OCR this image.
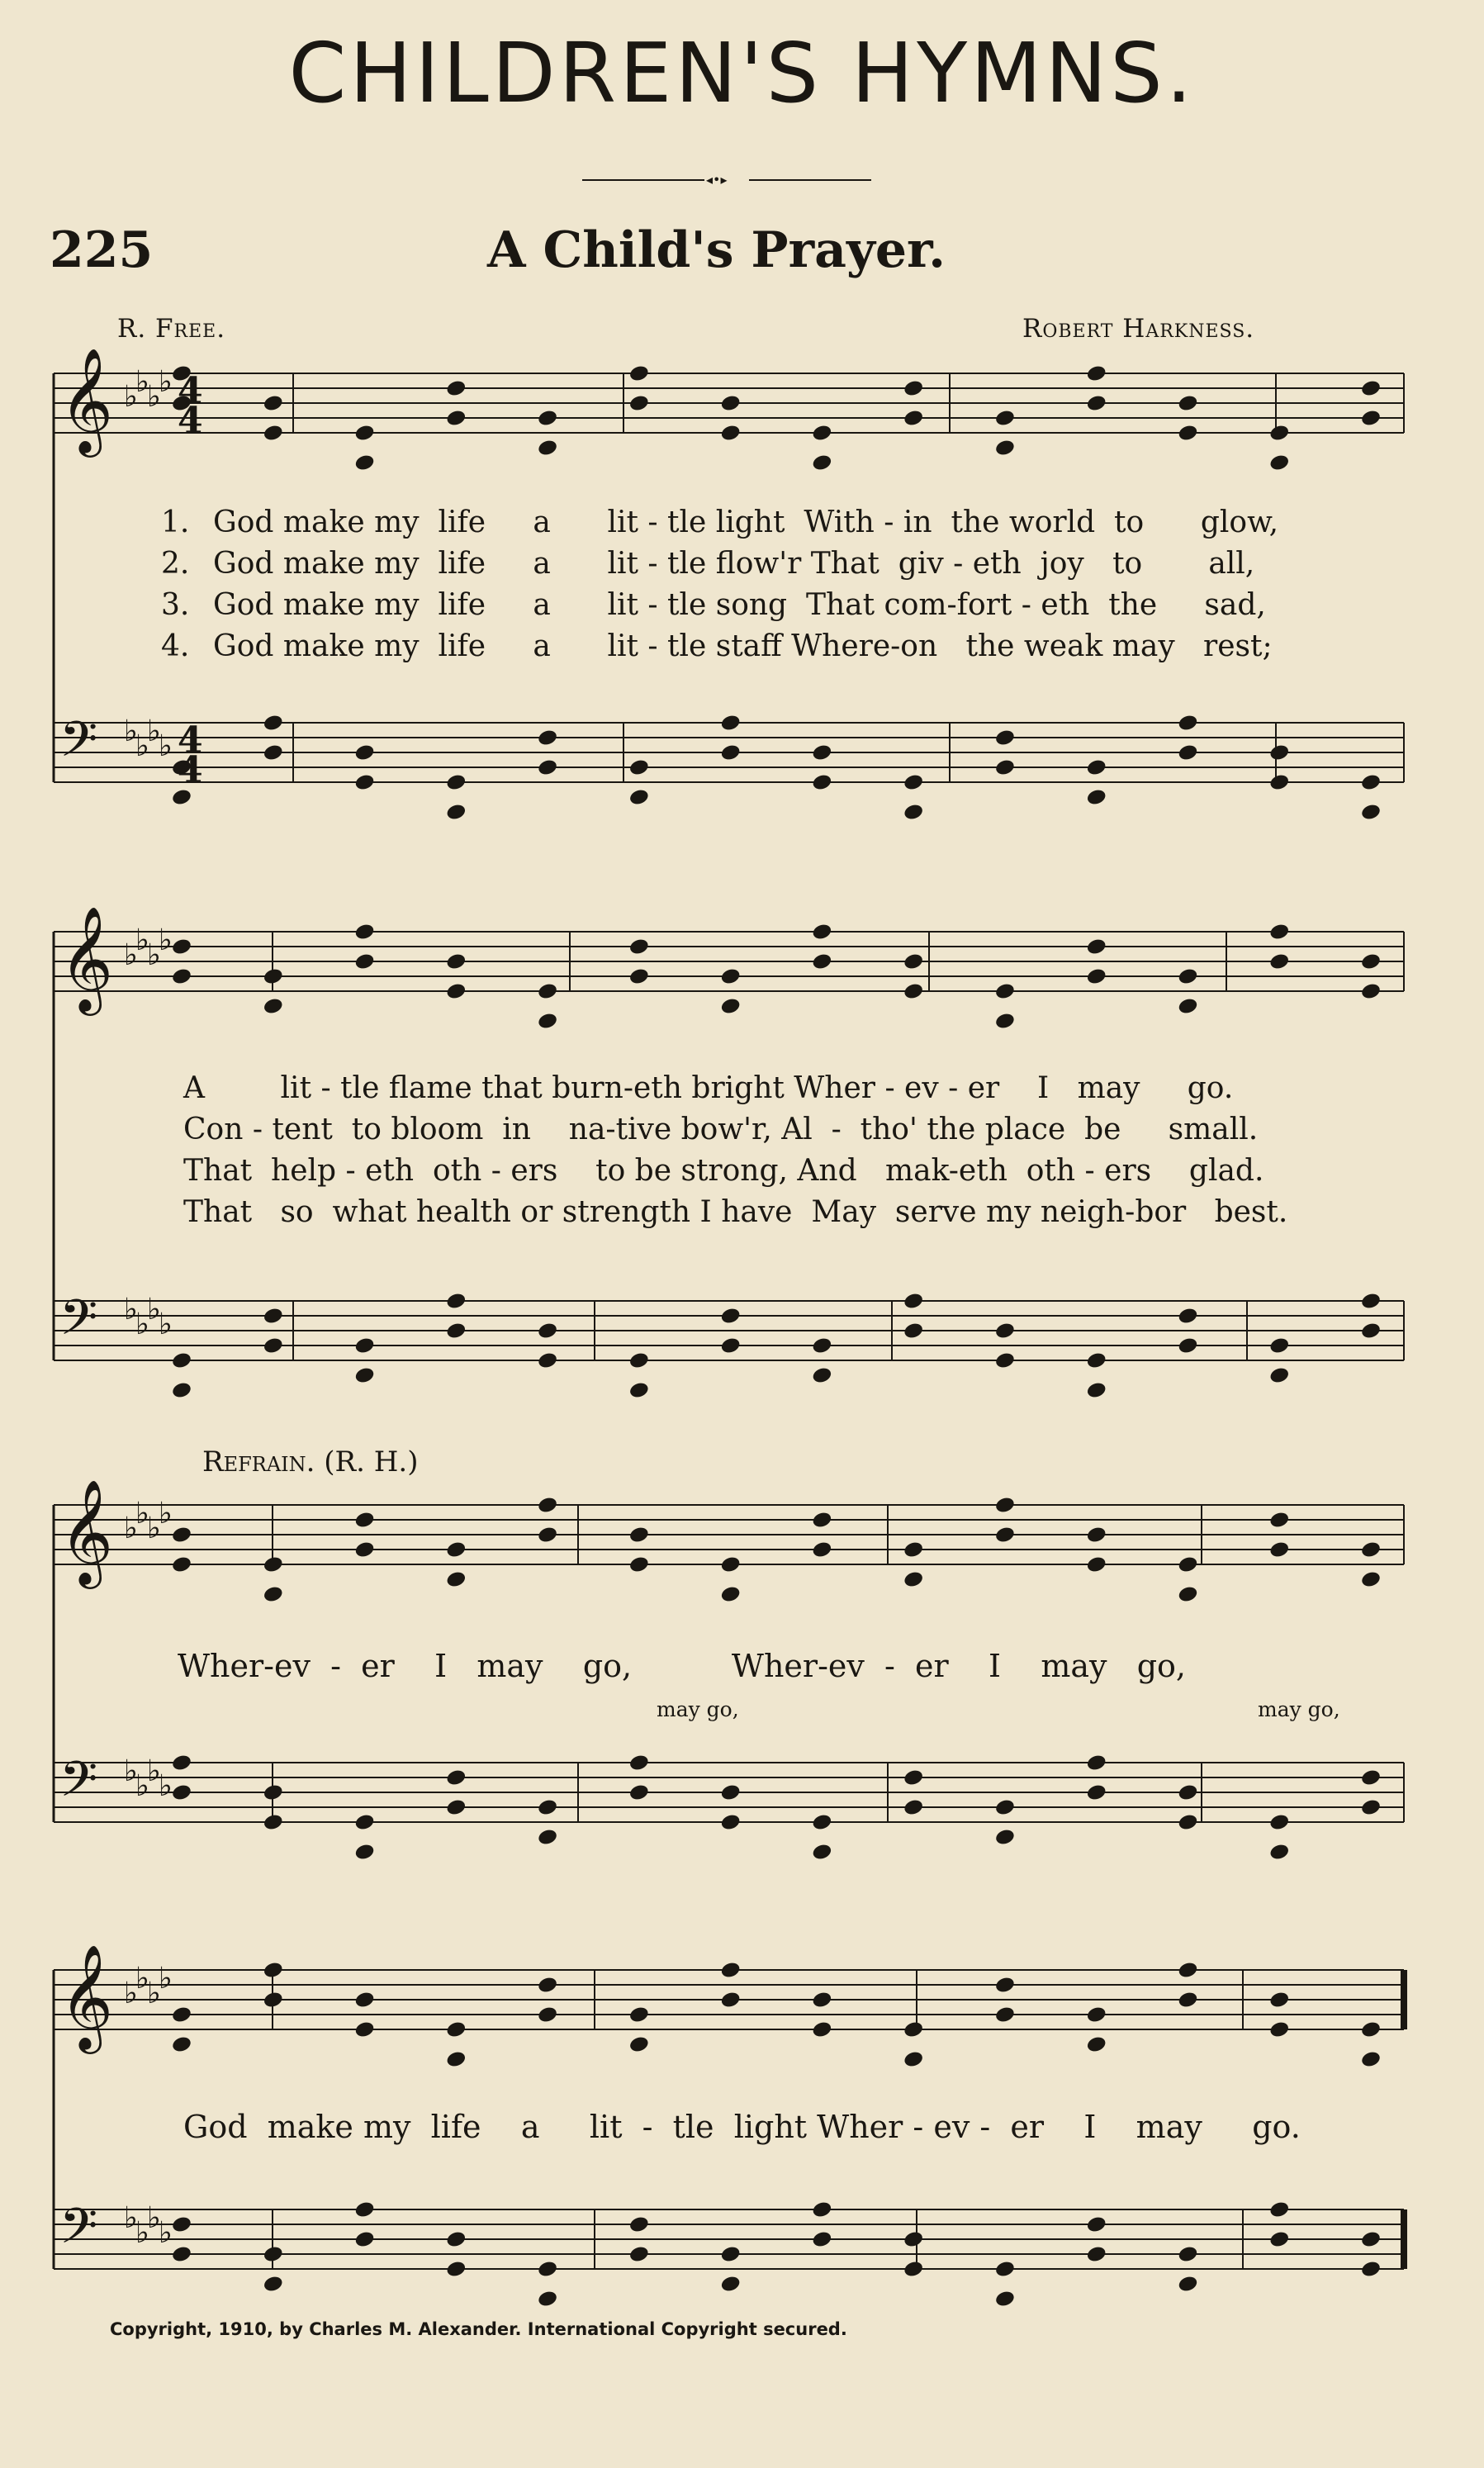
𝄞 ♭
♭
♭
♭
𝄢 ♭
♭
♭
♭
𝄞 ♭
♭
♭
♭
𝄢 ♭
♭
♭
♭
𝄞 ♭
♭
♭
♭
𝄢 ♭
♭
♭
♭
𝄞 ♭
♭
♭
♭
𝄢 ♭
♭
♭
♭
4
4
4
4
CHILDREN'S HYMNS.
◂•▸
225	A Child's Prayer.
R. Free.	Robert Harkness.
1. God make my  life     a      lit - tle light  With - in  the world  to      glow,
2. God make my  life     a      lit - tle flow'r That  giv - eth  joy   to       all,
3. God make my  life     a      lit - tle song  That com-fort - eth  the     sad,
4. God make my  life     a      lit - tle staff Where-on   the weak may   rest;
A        lit - tle flame that burn-eth bright Wher - ev - er    I   may     go.
Con - tent  to bloom  in    na-tive bow'r, Al  -  tho' the place  be     small.
That  help - eth  oth - ers    to be strong, And   mak-eth  oth - ers    glad.
That   so  what health or strength I have  May  serve my neigh-bor   best.
Refrain. (R. H.)
Wher-ev  -  er    I   may    go,          Wher-ev  -  er    I    may   go,
may go,	may go,
God  make my  life    a     lit  -  tle  light Wher - ev -  er    I    may     go.
Copyright, 1910, by Charles M. Alexander. International Copyright secured.
